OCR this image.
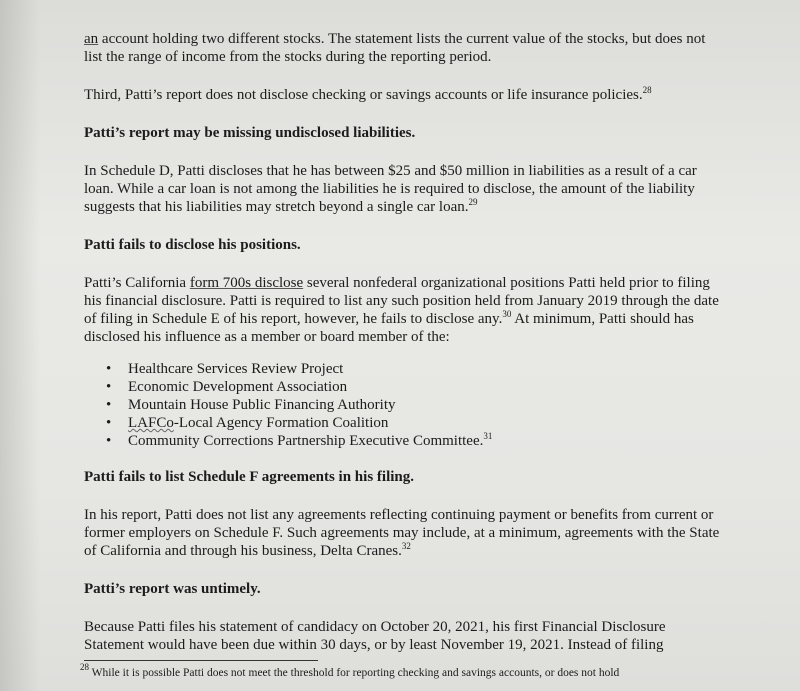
an account holding two different stocks. The statement lists the current value of the stocks, but does not list the range of income from the stocks during the reporting period.

Third, Patti’s report does not disclose checking or savings accounts or life insurance policies.$^{28}$

Patti’s report may be missing undisclosed liabilities.

In Schedule D, Patti discloses that he has between $25 and $50 million in liabilities as a result of a car loan. While a car loan is not among the liabilities he is required to disclose, the amount of the liability suggests that his liabilities may stretch beyond a single car loan.$^{29}$

Patti fails to disclose his positions.

Patti’s California form 700s disclose several nonfederal organizational positions Patti held prior to filing his financial disclosure. Patti is required to list any such position held from January 2019 through the date of filing in Schedule E of his report, however, he fails to disclose any.$^{30}$ At minimum, Patti should has disclosed his influence as a member or board member of the:

• Healthcare Services Review Project
• Economic Development Association
• Mountain House Public Financing Authority
• LAFCo-Local Agency Formation Coalition
• Community Corrections Partnership Executive Committee.$^{31}$

Patti fails to list Schedule F agreements in his filing.

In his report, Patti does not list any agreements reflecting continuing payment or benefits from current or former employers on Schedule F. Such agreements may include, at a minimum, agreements with the State of California and through his business, Delta Cranes.$^{32}$

Patti’s report was untimely.

Because Patti files his statement of candidacy on October 20, 2021, his first Financial Disclosure Statement would have been due within 30 days, or by least November 19, 2021. Instead of filing

$^{28}$ While it is possible Patti does not meet the threshold for reporting checking and savings accounts, or does not hold
